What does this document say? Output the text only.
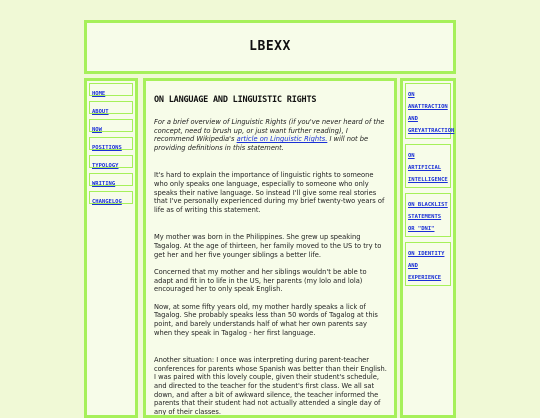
LBEXX
HOME
ABOUT
NOW
POSITIONS
TYPOLOGY
WRITING
CHANGELOG
ON LANGUAGE AND LINGUISTIC RIGHTS

For a brief overview of Linguistic Rights (if you've never heard of the concept, need to brush up, or just want further reading), I recommend Wikipedia's article on Linguistic Rights. I will not be providing definitions in this statement.

It's hard to explain the importance of linguistic rights to someone who only speaks one language, especially to someone who only speaks their native language. So instead I'll give some real stories that I've personally experienced during my brief twenty-two years of life as of writing this statement.

My mother was born in the Philippines. She grew up speaking Tagalog. At the age of thirteen, her family moved to the US to try to get her and her five younger siblings a better life.

Concerned that my mother and her siblings wouldn't be able to adapt and fit in to life in the US, her parents (my lolo and lola) encouraged her to only speak English.

Now, at some fifty years old, my mother hardly speaks a lick of Tagalog. She probably speaks less than 50 words of Tagalog at this point, and barely understands half of what her own parents say when they speak in Tagalog - her first language.

Another situation: I once was interpreting during parent-teacher conferences for parents whose Spanish was better than their English. I was paired with this lovely couple, given their student's schedule, and directed to the teacher for the student's first class. We all sat down, and after a bit of awkward silence, the teacher informed the parents that their student had not actually attended a single day of any of their classes.

ON ANATTRACTION AND GREYATTRACTION
ON ARTIFICIAL INTELLIGENCE
ON BLACKLIST STATEMENTS OR "DNI"
ON IDENTITY AND EXPERIENCE
